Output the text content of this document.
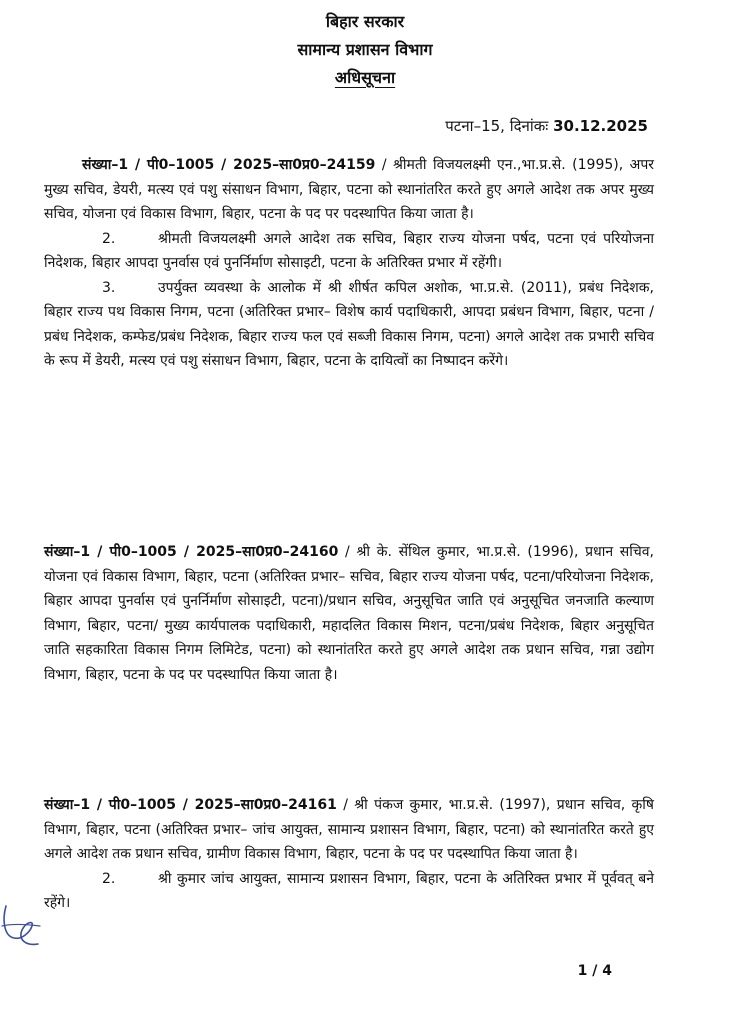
बिहार सरकार
सामान्य प्रशासन विभाग
अधिसूचना
पटना–15, दिनांकः 30.12.2025

संख्या–1 / पी0–1005 / 2025–सा0प्र0–24159 / श्रीमती विजयलक्ष्मी एन.,भा.प्र.से. (1995), अपर मुख्य सचिव, डेयरी, मत्स्य एवं पशु संसाधन विभाग, बिहार, पटना को स्थानांतरित करते हुए अगले आदेश तक अपर मुख्य सचिव, योजना एवं विकास विभाग, बिहार, पटना के पद पर पदस्थापित किया जाता है।

2.	श्रीमती विजयलक्ष्मी अगले आदेश तक सचिव, बिहार राज्य योजना पर्षद, पटना एवं परियोजना निदेशक, बिहार आपदा पुनर्वास एवं पुनर्निर्माण सोसाइटी, पटना के अतिरिक्त प्रभार में रहेंगी।

3.	उपर्युक्त व्यवस्था के आलोक में श्री शीर्षत कपिल अशोक, भा.प्र.से. (2011), प्रबंध निदेशक, बिहार राज्य पथ विकास निगम, पटना (अतिरिक्त प्रभार– विशेष कार्य पदाधिकारी, आपदा प्रबंधन विभाग, बिहार, पटना /प्रबंध निदेशक, कम्फेड/प्रबंध निदेशक, बिहार राज्य फल एवं सब्जी विकास निगम, पटना) अगले आदेश तक प्रभारी सचिव के रूप में डेयरी, मत्स्य एवं पशु संसाधन विभाग, बिहार, पटना के दायित्वों का निष्पादन करेंगे।

संख्या–1 / पी0–1005 / 2025–सा0प्र0–24160 / श्री के. सेंथिल कुमार, भा.प्र.से. (1996), प्रधान सचिव, योजना एवं विकास विभाग, बिहार, पटना (अतिरिक्त प्रभार– सचिव, बिहार राज्य योजना पर्षद, पटना/परियोजना निदेशक, बिहार आपदा पुनर्वास एवं पुनर्निर्माण सोसाइटी, पटना)/प्रधान सचिव, अनुसूचित जाति एवं अनुसूचित जनजाति कल्याण विभाग, बिहार, पटना/ मुख्य कार्यपालक पदाधिकारी, महादलित विकास मिशन, पटना/प्रबंध निदेशक, बिहार अनुसूचित जाति सहकारिता विकास निगम लिमिटेड, पटना) को स्थानांतरित करते हुए अगले आदेश तक प्रधान सचिव, गन्ना उद्योग विभाग, बिहार, पटना के पद पर पदस्थापित किया जाता है।

संख्या–1 / पी0–1005 / 2025–सा0प्र0–24161 / श्री पंकज कुमार, भा.प्र.से. (1997), प्रधान सचिव, कृषि विभाग, बिहार, पटना (अतिरिक्त प्रभार– जांच आयुक्त, सामान्य प्रशासन विभाग, बिहार, पटना) को स्थानांतरित करते हुए अगले आदेश तक प्रधान सचिव, ग्रामीण विकास विभाग, बिहार, पटना के पद पर पदस्थापित किया जाता है।

2.	श्री कुमार जांच आयुक्त, सामान्य प्रशासन विभाग, बिहार, पटना के अतिरिक्त प्रभार में पूर्ववत् बने रहेंगे।

1 / 4
